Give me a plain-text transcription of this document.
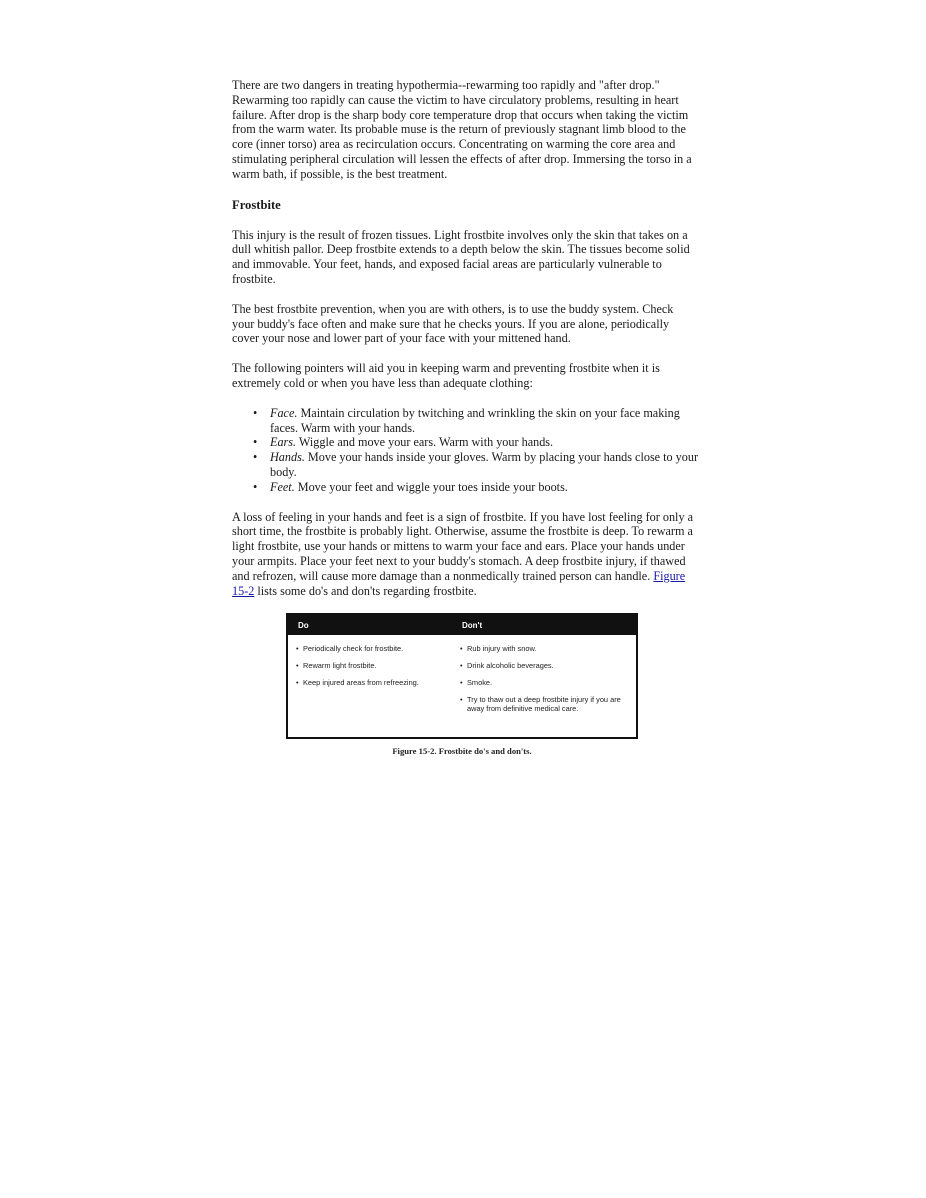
There are two dangers in treating hypothermia--rewarming too rapidly and "after drop." Rewarming too rapidly can cause the victim to have circulatory problems, resulting in heart failure. After drop is the sharp body core temperature drop that occurs when taking the victim from the warm water. Its probable muse is the return of previously stagnant limb blood to the core (inner torso) area as recirculation occurs. Concentrating on warming the core area and stimulating peripheral circulation will lessen the effects of after drop. Immersing the torso in a warm bath, if possible, is the best treatment.

Frostbite

This injury is the result of frozen tissues. Light frostbite involves only the skin that takes on a dull whitish pallor. Deep frostbite extends to a depth below the skin. The tissues become solid and immovable. Your feet, hands, and exposed facial areas are particularly vulnerable to frostbite.

The best frostbite prevention, when you are with others, is to use the buddy system. Check your buddy's face often and make sure that he checks yours. If you are alone, periodically cover your nose and lower part of your face with your mittened hand.

The following pointers will aid you in keeping warm and preventing frostbite when it is extremely cold or when you have less than adequate clothing:

• Face. Maintain circulation by twitching and wrinkling the skin on your face making faces. Warm with your hands.
• Ears. Wiggle and move your ears. Warm with your hands.
• Hands. Move your hands inside your gloves. Warm by placing your hands close to your body.
• Feet. Move your feet and wiggle your toes inside your boots.

A loss of feeling in your hands and feet is a sign of frostbite. If you have lost feeling for only a short time, the frostbite is probably light. Otherwise, assume the frostbite is deep. To rewarm a light frostbite, use your hands or mittens to warm your face and ears. Place your hands under your armpits. Place your feet next to your buddy's stomach. A deep frostbite injury, if thawed and refrozen, will cause more damage than a nonmedically trained person can handle. Figure 15-2 lists some do's and don'ts regarding frostbite.

Do	Don't
• Periodically check for frostbite.
• Rewarm light frostbite.
• Keep injured areas from refreezing.
• Rub injury with snow.
• Drink alcoholic beverages.
• Smoke.
• Try to thaw out a deep frostbite injury if you are away from definitive medical care.
Figure 15-2. Frostbite do's and don'ts.
